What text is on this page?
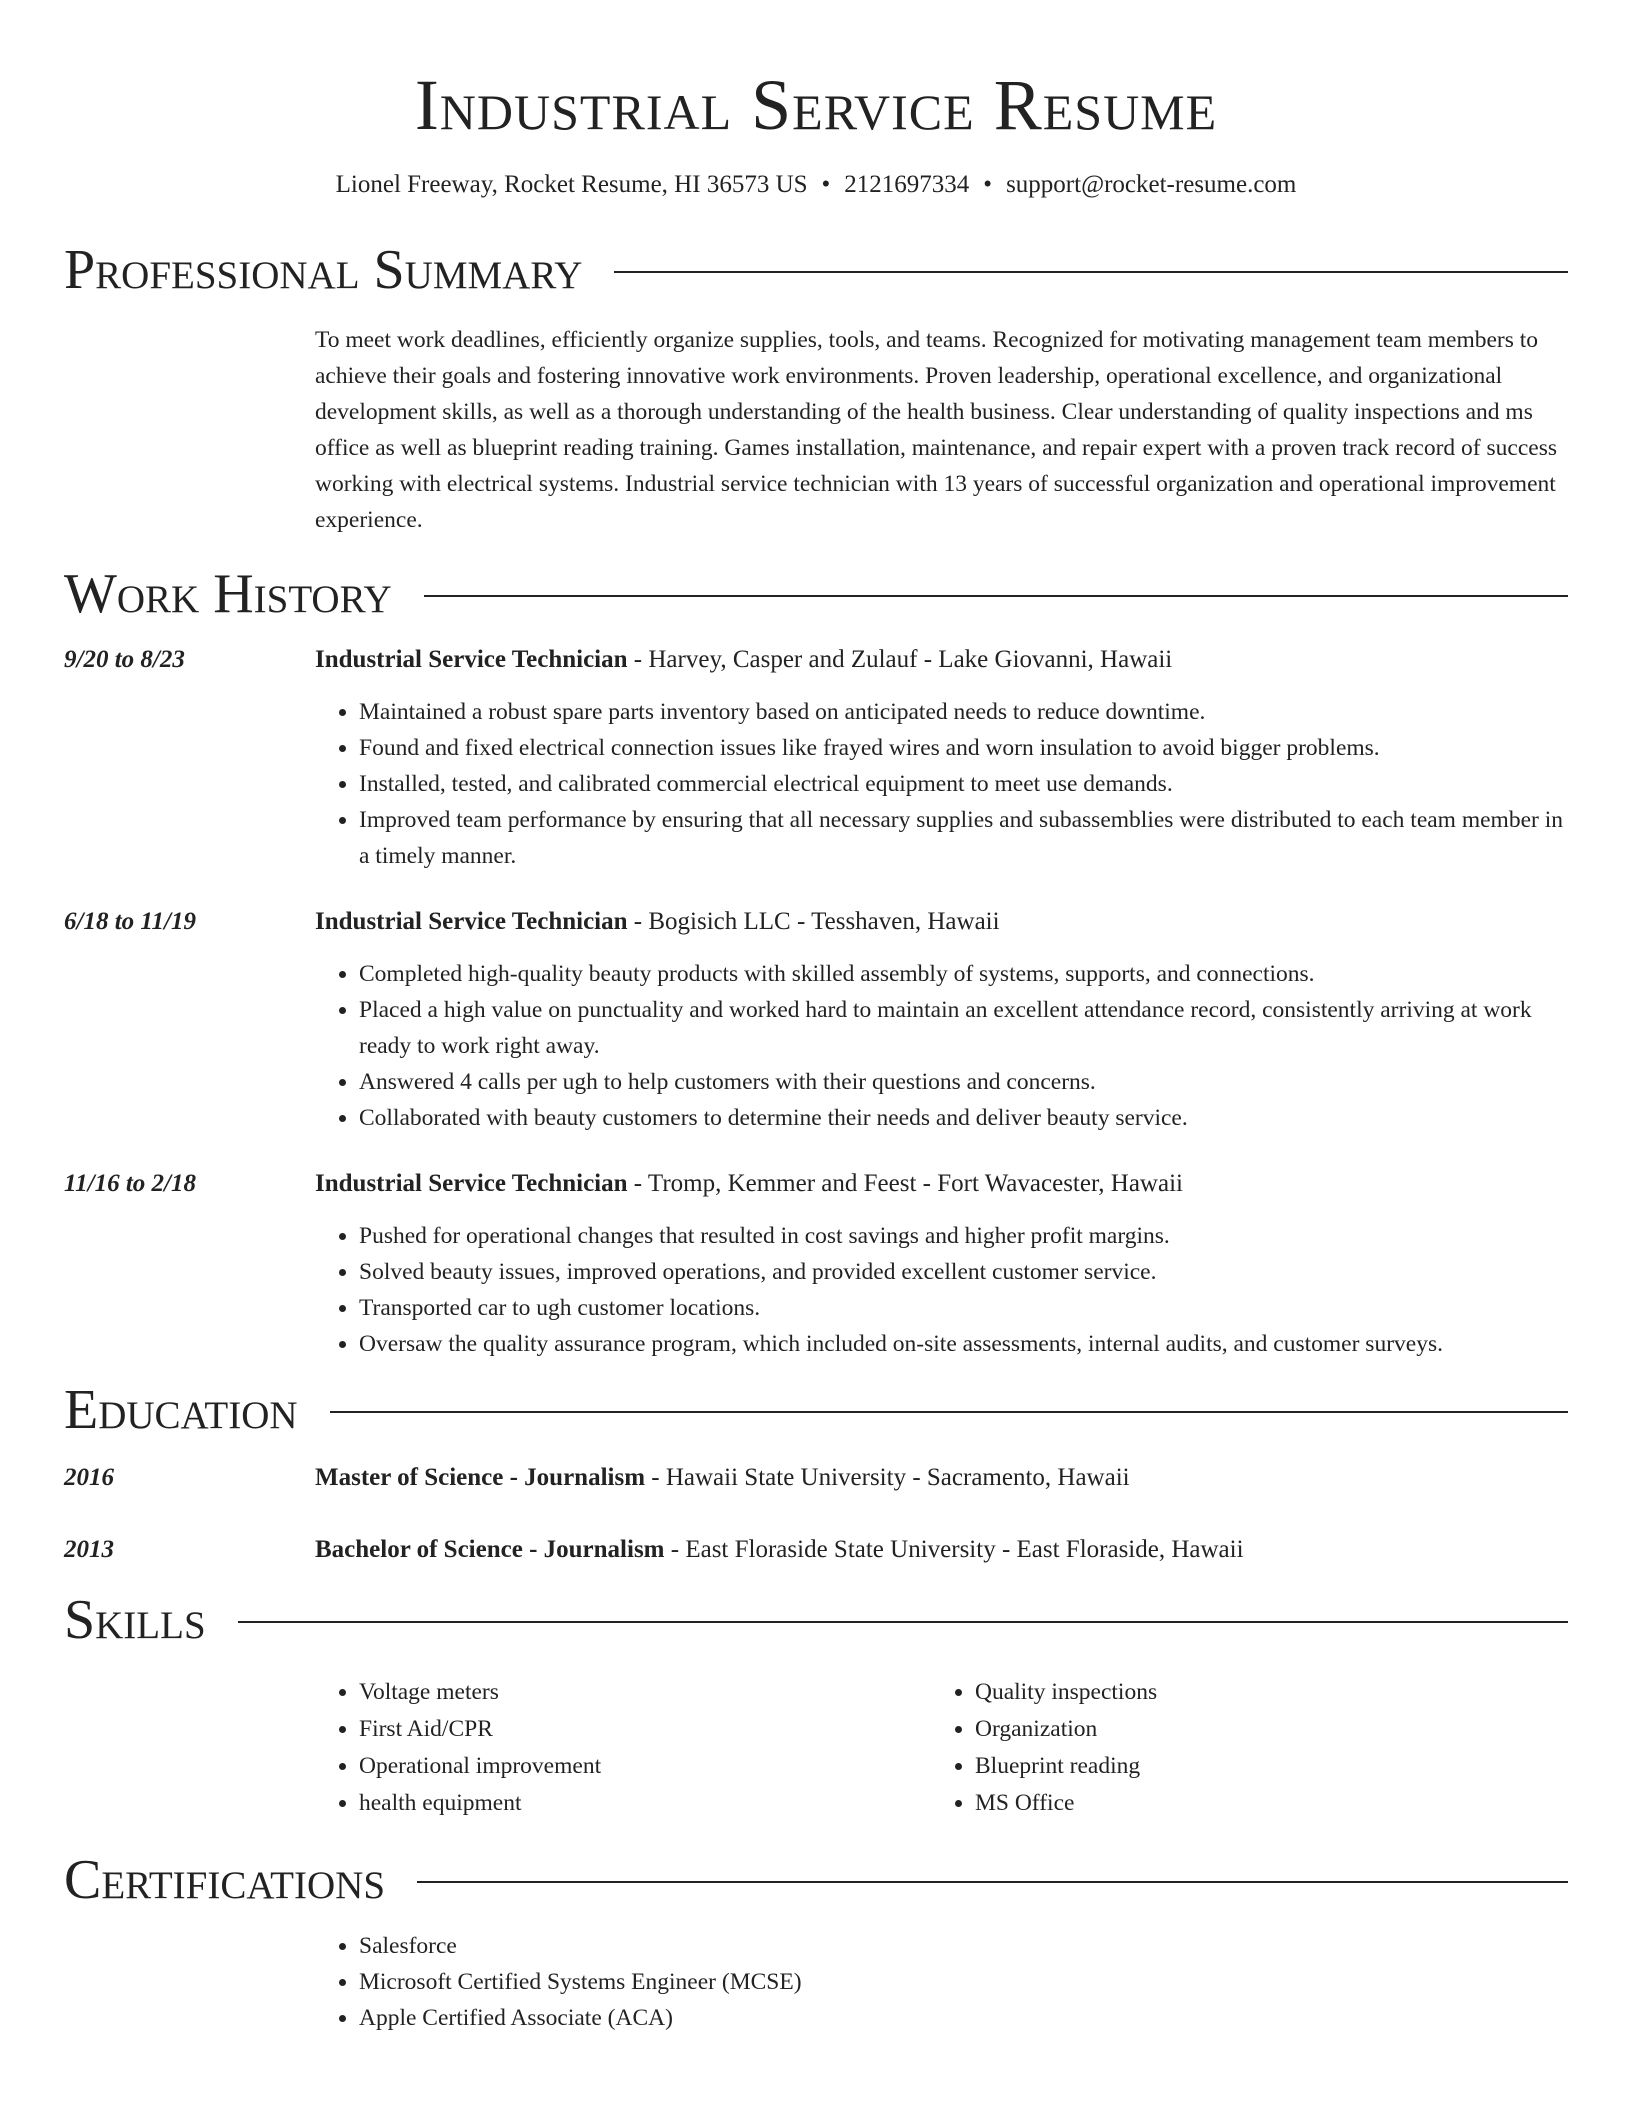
Industrial Service Resume
Lionel Freeway, Rocket Resume, HI 36573 US • 2121697334 • support@rocket-resume.com
Professional Summary
To meet work deadlines, efficiently organize supplies, tools, and teams. Recognized for motivating management team members to achieve their goals and fostering innovative work environments. Proven leadership, operational excellence, and organizational development skills, as well as a thorough understanding of the health business. Clear understanding of quality inspections and ms office as well as blueprint reading training. Games installation, maintenance, and repair expert with a proven track record of success working with electrical systems. Industrial service technician with 13 years of successful organization and operational improvement experience.
Work History
9/20 to 8/23	Industrial Service Technician - Harvey, Casper and Zulauf - Lake Giovanni, Hawaii
• Maintained a robust spare parts inventory based on anticipated needs to reduce downtime.
• Found and fixed electrical connection issues like frayed wires and worn insulation to avoid bigger problems.
• Installed, tested, and calibrated commercial electrical equipment to meet use demands.
• Improved team performance by ensuring that all necessary supplies and subassemblies were distributed to each team member in a timely manner.
6/18 to 11/19	Industrial Service Technician - Bogisich LLC - Tesshaven, Hawaii
• Completed high-quality beauty products with skilled assembly of systems, supports, and connections.
• Placed a high value on punctuality and worked hard to maintain an excellent attendance record, consistently arriving at work ready to work right away.
• Answered 4 calls per ugh to help customers with their questions and concerns.
• Collaborated with beauty customers to determine their needs and deliver beauty service.
11/16 to 2/18	Industrial Service Technician - Tromp, Kemmer and Feest - Fort Wavacester, Hawaii
• Pushed for operational changes that resulted in cost savings and higher profit margins.
• Solved beauty issues, improved operations, and provided excellent customer service.
• Transported car to ugh customer locations.
• Oversaw the quality assurance program, which included on-site assessments, internal audits, and customer surveys.
Education
2016	Master of Science - Journalism - Hawaii State University - Sacramento, Hawaii
2013	Bachelor of Science - Journalism - East Floraside State University - East Floraside, Hawaii
Skills
• Voltage meters
• First Aid/CPR
• Operational improvement
• health equipment
• Quality inspections
• Organization
• Blueprint reading
• MS Office
Certifications
• Salesforce
• Microsoft Certified Systems Engineer (MCSE)
• Apple Certified Associate (ACA)
